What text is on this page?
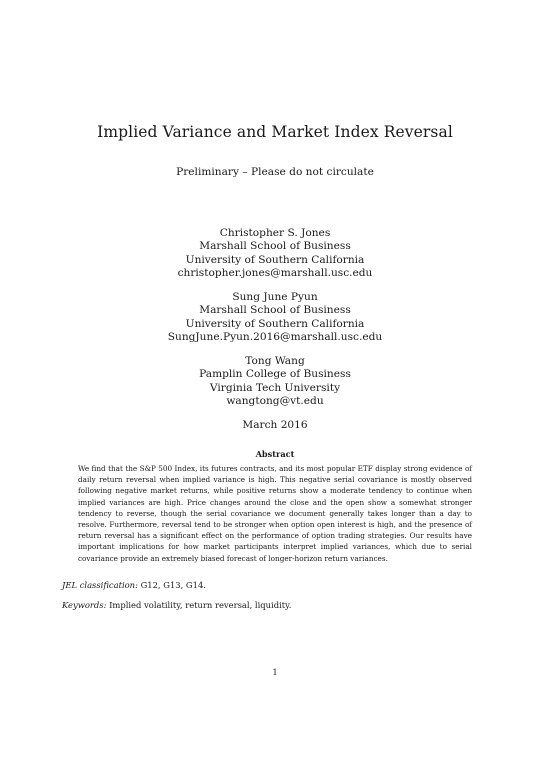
Implied Variance and Market Index Reversal
Preliminary – Please do not circulate
Christopher S. Jones
Marshall School of Business
University of Southern California
christopher.jones@marshall.usc.edu
Sung June Pyun
Marshall School of Business
University of Southern California
SungJune.Pyun.2016@marshall.usc.edu
Tong Wang
Pamplin College of Business
Virginia Tech University
wangtong@vt.edu
March 2016
Abstract
We find that the S&P 500 Index, its futures contracts, and its most popular ETF display strong evidence of daily return reversal when implied variance is high. This negative serial covariance is mostly observed following negative market returns, while positive returns show a moderate tendency to continue when implied variances are high. Price changes around the close and the open show a somewhat stronger tendency to reverse, though the serial covariance we document generally takes longer than a day to resolve. Furthermore, reversal tend to be stronger when option open interest is high, and the presence of return reversal has a significant effect on the performance of option trading strategies. Our results have important implications for how market participants interpret implied variances, which due to serial covariance provide an extremely biased forecast of longer-horizon return variances.
JEL classification: G12, G13, G14.
Keywords: Implied volatility, return reversal, liquidity.
1
